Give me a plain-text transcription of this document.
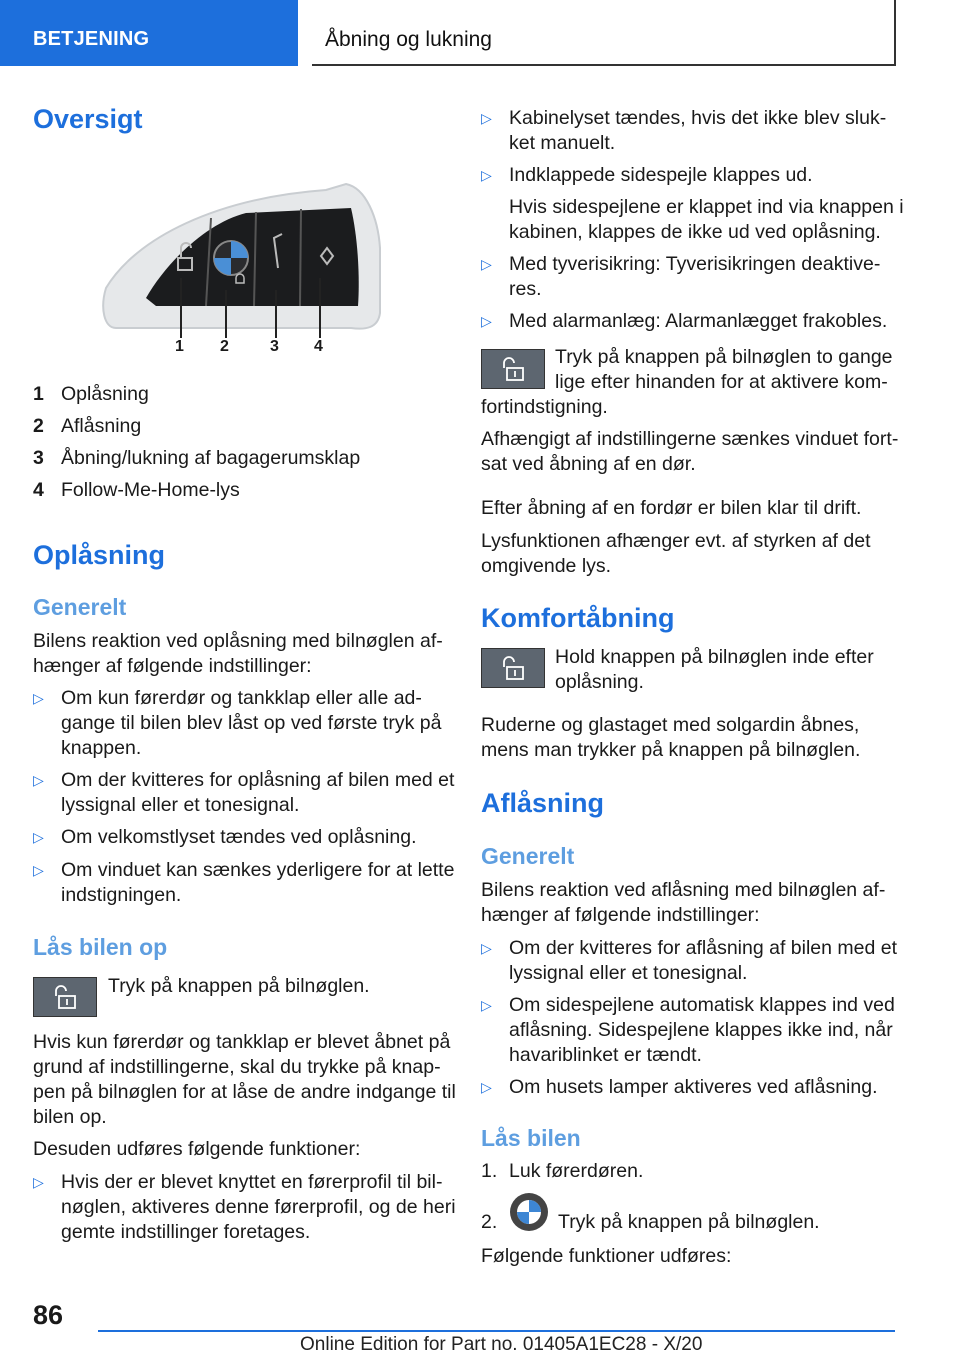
BETJENING	Åbning og lukning
Oversigt
1 2	3 4
1 Oplåsning
2 Aflåsning
3 Åbning/lukning af bagagerumsklap
4 Follow-Me-Home-lys
Oplåsning
Generelt
Bilens reaktion ved oplåsning med bilnøglen af-
hænger af følgende indstillinger:
▷ Om kun førerdør og tankklap eller alle ad-
gange til bilen blev låst op ved første tryk på
knappen.
▷ Om der kvitteres for oplåsning af bilen med et
lyssignal eller et tonesignal.
▷ Om velkomstlyset tændes ved oplåsning.
▷ Om vinduet kan sænkes yderligere for at lette
indstigningen.
Lås bilen op
Tryk på knappen på bilnøglen.
Hvis kun førerdør og tankklap er blevet åbnet på
grund af indstillingerne, skal du trykke på knap-
pen på bilnøglen for at låse de andre indgange til
bilen op.
Desuden udføres følgende funktioner:
▷ Hvis der er blevet knyttet en førerprofil til bil-
nøglen, aktiveres denne førerprofil, og de heri
gemte indstillinger foretages.
▷ Kabinelyset tændes, hvis det ikke blev sluk-
ket manuelt.
▷ Indklappede sidespejle klappes ud.
Hvis sidespejlene er klappet ind via knappen i
kabinen, klappes de ikke ud ved oplåsning.
▷ Med tyverisikring: Tyverisikringen deaktive-
res.
▷ Med alarmanlæg: Alarmanlægget frakobles.
Tryk på knappen på bilnøglen to gange
lige efter hinanden for at aktivere kom-
fortindstigning.
Afhængigt af indstillingerne sænkes vinduet fort-
sat ved åbning af en dør.
Efter åbning af en fordør er bilen klar til drift.
Lysfunktionen afhænger evt. af styrken af det
omgivende lys.
Komfortåbning
Hold knappen på bilnøglen inde efter
oplåsning.
Ruderne og glastaget med solgardin åbnes,
mens man trykker på knappen på bilnøglen.
Aflåsning
Generelt
Bilens reaktion ved aflåsning med bilnøglen af-
hænger af følgende indstillinger:
▷ Om der kvitteres for aflåsning af bilen med et
lyssignal eller et tonesignal.
▷ Om sidespejlene automatisk klappes ind ved
aflåsning. Sidespejlene klappes ikke ind, når
havariblinket er tændt.
▷ Om husets lamper aktiveres ved aflåsning.
Lås bilen
1. Luk førerdøren.
2.	Tryk på knappen på bilnøglen.
Følgende funktioner udføres:
86
Online Edition for Part no. 01405A1EC28 - X/20
